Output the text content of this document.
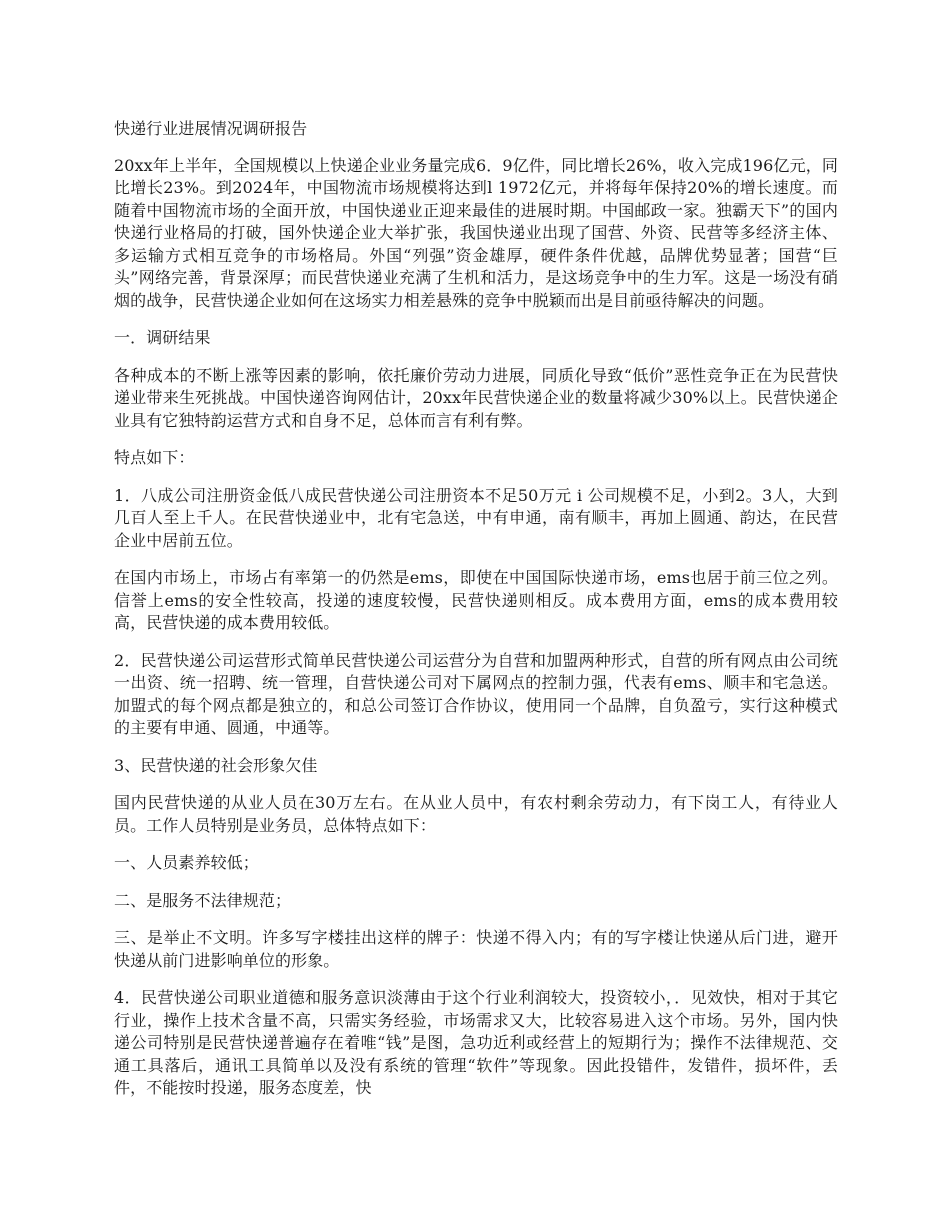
快递行业进展情况调研报告

20xx年上半年，全国规模以上快递企业业务量完成6．9亿件，同比增长26%，收入完成196亿元，同比增长23%。到2024年，中国物流市场规模将达到l 1972亿元，并将每年保持20%的增长速度。而随着中国物流市场的全面开放，中国快递业正迎来最佳的进展时期。中国邮政一家。独霸天下”的国内快递行业格局的打破，国外快递企业大举扩张，我国快递业出现了国营、外资、民营等多经济主体、多运输方式相互竞争的市场格局。外国“列强”资金雄厚，硬件条件优越，品牌优势显著；国营“巨头”网络完善，背景深厚；而民营快递业充满了生机和活力，是这场竞争中的生力军。这是一场没有硝烟的战争，民营快递企业如何在这场实力相差悬殊的竞争中脱颖而出是目前亟待解决的问题。

一．调研结果

各种成本的不断上涨等因素的影响，依托廉价劳动力进展，同质化导致“低价”恶性竞争正在为民营快递业带来生死挑战。中国快递咨询网估计，20xx年民营快递企业的数量将减少30%以上。民营快递企业具有它独特韵运营方式和自身不足，总体而言有利有弊。

特点如下：

1．八成公司注册资金低八成民营快递公司注册资本不足50万元 i 公司规模不足，小到2。3人，大到几百人至上千人。在民营快递业中，北有宅急送，中有申通，南有顺丰，再加上圆通、韵达，在民营企业中居前五位。

在国内市场上，市场占有率第一的仍然是ems，即使在中国国际快递市场，ems也居于前三位之列。信誉上ems的安全性较高，投递的速度较慢，民营快递则相反。成本费用方面，ems的成本费用较高，民营快递的成本费用较低。

2．民营快递公司运营形式简单民营快递公司运营分为自营和加盟两种形式，自营的所有网点由公司统一出资、统一招聘、统一管理，自营快递公司对下属网点的控制力强，代表有ems、顺丰和宅急送。加盟式的每个网点都是独立的，和总公司签订合作协议，使用同一个品牌，自负盈亏，实行这种模式的主要有申通、圆通，中通等。

3、民营快递的社会形象欠佳

国内民营快递的从业人员在30万左右。在从业人员中，有农村剩余劳动力，有下岗工人，有待业人员。工作人员特别是业务员，总体特点如下：

一、人员素养较低；

二、是服务不法律规范；

三、是举止不文明。许多写字楼挂出这样的牌子：快递不得入内；有的写字楼让快递从后门进，避开快递从前门进影响单位的形象。

4．民营快递公司职业道德和服务意识淡薄由于这个行业利润较大，投资较小，．见效快，相对于其它行业，操作上技术含量不高，只需实务经验，市场需求又大，比较容易进入这个市场。另外，国内快递公司特别是民营快递普遍存在着唯“钱”是图，急功近利或经营上的短期行为；操作不法律规范、交通工具落后，通讯工具简单以及没有系统的管理“软件”等现象。因此投错件，发错件，损坏件，丢件，不能按时投递，服务态度差，快
